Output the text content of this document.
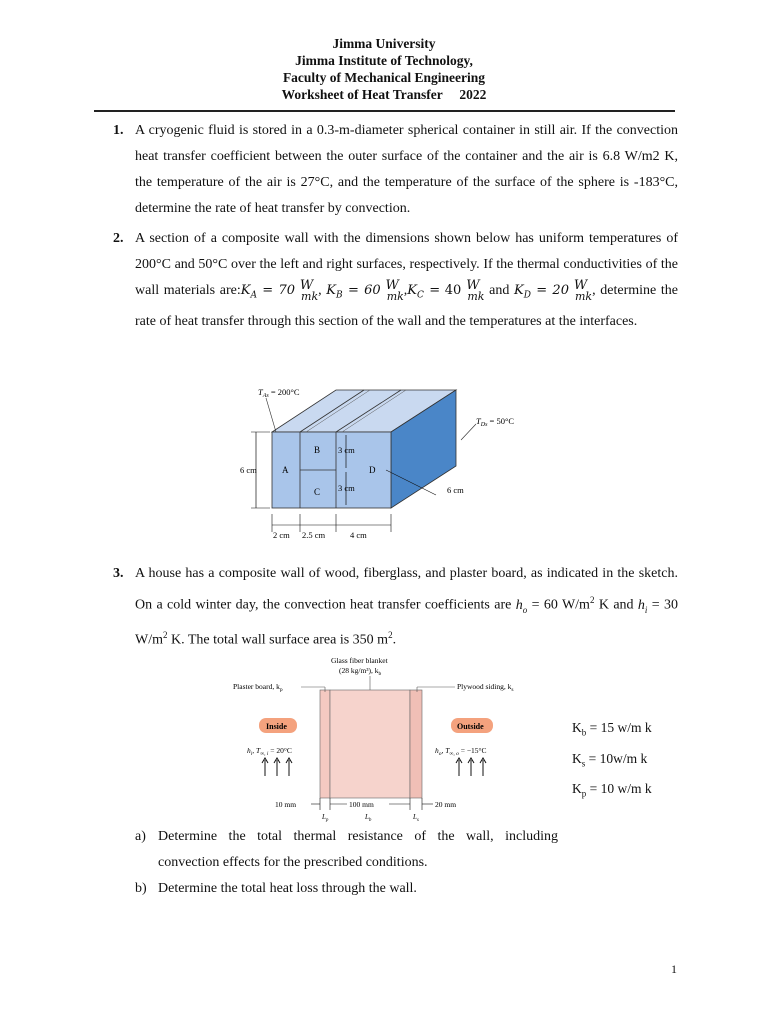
Jimma University
Jimma Institute of Technology,
Faculty of Mechanical Engineering
Worksheet of Heat Transfer     2022
1. A cryogenic fluid is stored in a 0.3-m-diameter spherical container in still air. If the convection heat transfer coefficient between the outer surface of the container and the air is 6.8 W/m2 K, the temperature of the air is 27°C, and the temperature of the surface of the sphere is -183°C, determine the rate of heat transfer by convection.
2. A section of a composite wall with the dimensions shown below has uniform temperatures of 200°C and 50°C over the left and right surfaces, respectively. If the thermal conductivities of the wall materials $are:K_A = 70$ W
mk , $K_B = 60$ W
mk $,K_C = 40$ W
mk and $K_D = 20$ W
mk , determine the rate of heat transfer through this section of the wall and the temperatures at the interfaces.
A
B
C
D
3 cm
3 cm
$T_{As} = 200^\circ C$
$T_{Ds} = 50^\circ C$
6 cm
6 cm
2 cm 2.5 cm	4 cm
3. A house has a composite wall of wood, fiberglass, and plaster board, as indicated in the sketch. On a cold winter day, the convection heat transfer coefficients are $h_o = 60$ $W/m^2$ K and $h_i = 30$ $W/m^2$ K. The total wall surface area is 350 $m^2$.
Glass fiber blanket
(28 kg/m³), $k_b$
Plaster board, $k_p$	Plywood siding, $k_s$
Inside	Outside
$h_i$, $T_{\infty, i} = 20^\circ C$	$h_o$, $T_{\infty, o} = -15^\circ C$
10 mm	100 mm	20 mm
$L_p$	$L_b$	$L_s$
$K_b = 15$ w/m k
$K_s = 10w/m$ k
$K_p = 10$ w/m k
a) Determine the total thermal resistance of the wall, including convection effects for the prescribed conditions.
b) Determine the total heat loss through the wall.
1
